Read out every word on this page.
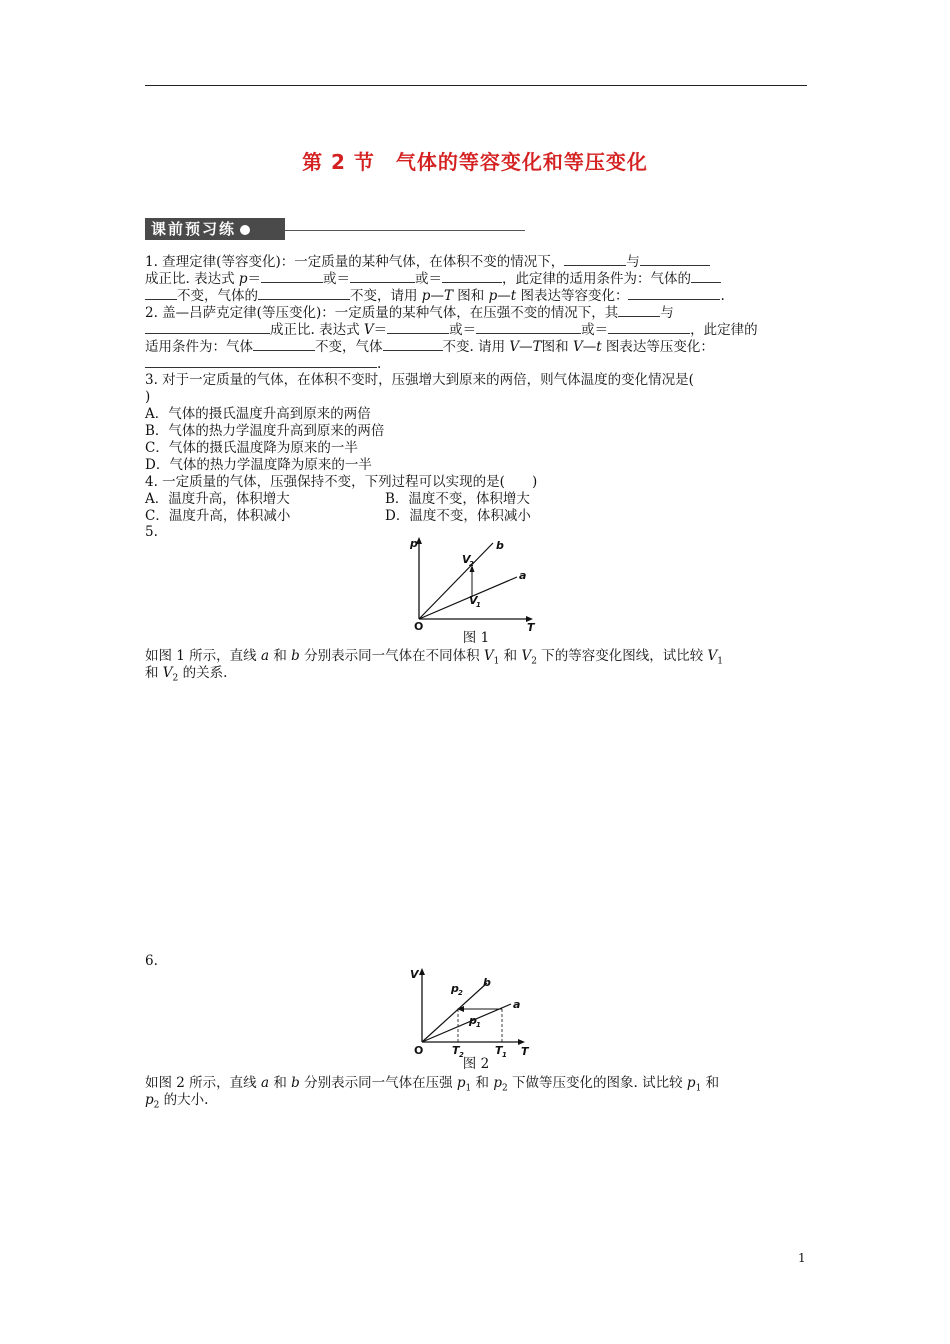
第 2 节　气体的等容变化和等压变化
课前预习练
1. 查理定律(等容变化)：一定质量的某种气体，在体积不变的情况下，	与
成正比. 表达式 p＝	或＝	或＝	，此定律的适用条件为：气体的
不变，气体的	不变，请用 p—T 图和 p—t 图表达等容变化：	.
2. 盖—吕萨克定律(等压变化)：一定质量的某种气体，在压强不变的情况下，其	与
成正比. 表达式 V＝	或＝	或＝	，此定律的
适用条件为：气体	不变，气体	不变. 请用 V—T图和 V—t 图表达等压变化：
.
3. 对于一定质量的气体，在体积不变时，压强增大到原来的两倍，则气体温度的变化情况是(
)
A．气体的摄氏温度升高到原来的两倍
B．气体的热力学温度升高到原来的两倍
C．气体的摄氏温度降为原来的一半
D．气体的热力学温度降为原来的一半
4. 一定质量的气体，压强保持不变，下列过程可以实现的是(　　)
A．温度升高，体积增大	B．温度不变，体积增大
C．温度升高，体积减小	D．温度不变，体积减小
5.
p
T
O
b
a
V
2
V
1
图 1
如图 1 所示，直线 a 和 b 分别表示同一气体在不同体积 $V_1$ 和 $V_2$ 下的等容变化图线，试比较 $V_1$
和 $V_2$ 的关系.
6.
V
T
O
b
a
p 2
p 1
T 2	T 1
图 2
如图 2 所示，直线 a 和 b 分别表示同一气体在压强 $p_1$ 和 $p_2$ 下做等压变化的图象. 试比较 $p_1$ 和
$p_2$ 的大小.
1
